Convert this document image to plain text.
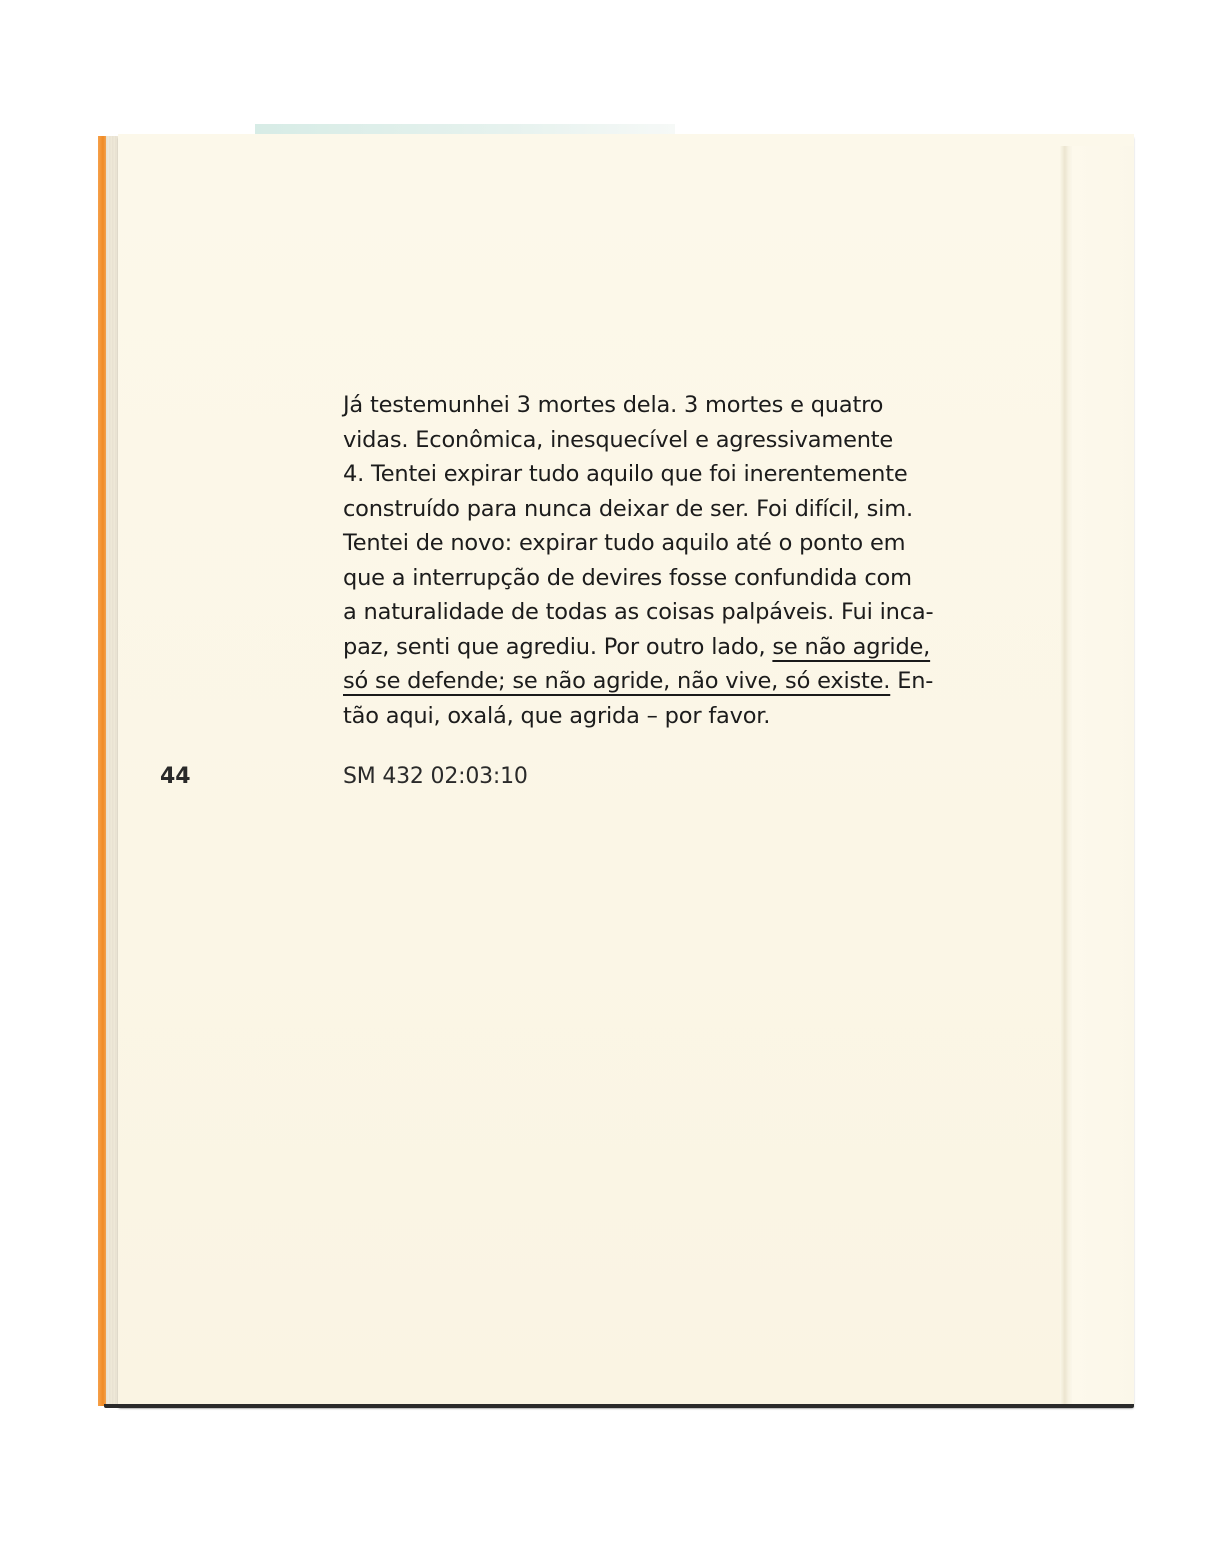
Já testemunhei 3 mortes dela. 3 mortes e quatro
vidas. Econômica, inesquecível e agressivamente
4. Tentei expirar tudo aquilo que foi inerentemente
construído para nunca deixar de ser. Foi difícil, sim.
Tentei de novo: expirar tudo aquilo até o ponto em
que a interrupção de devires fosse confundida com
a naturalidade de todas as coisas palpáveis. Fui inca-
paz, senti que agrediu. Por outro lado, se não agride,
só se defende; se não agride, não vive, só existe. En-
tão aqui, oxalá, que agrida – por favor.

44	SM 432 02:03:10
